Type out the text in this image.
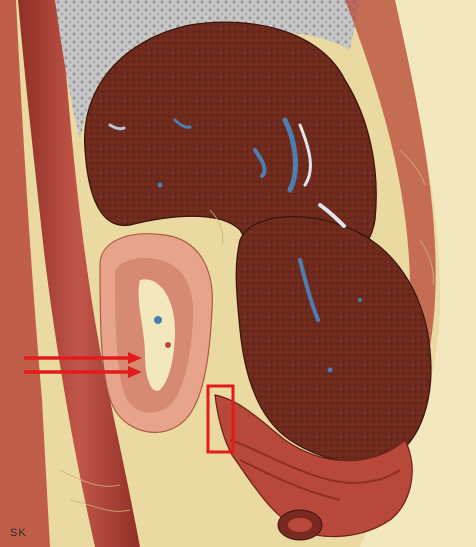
SK
